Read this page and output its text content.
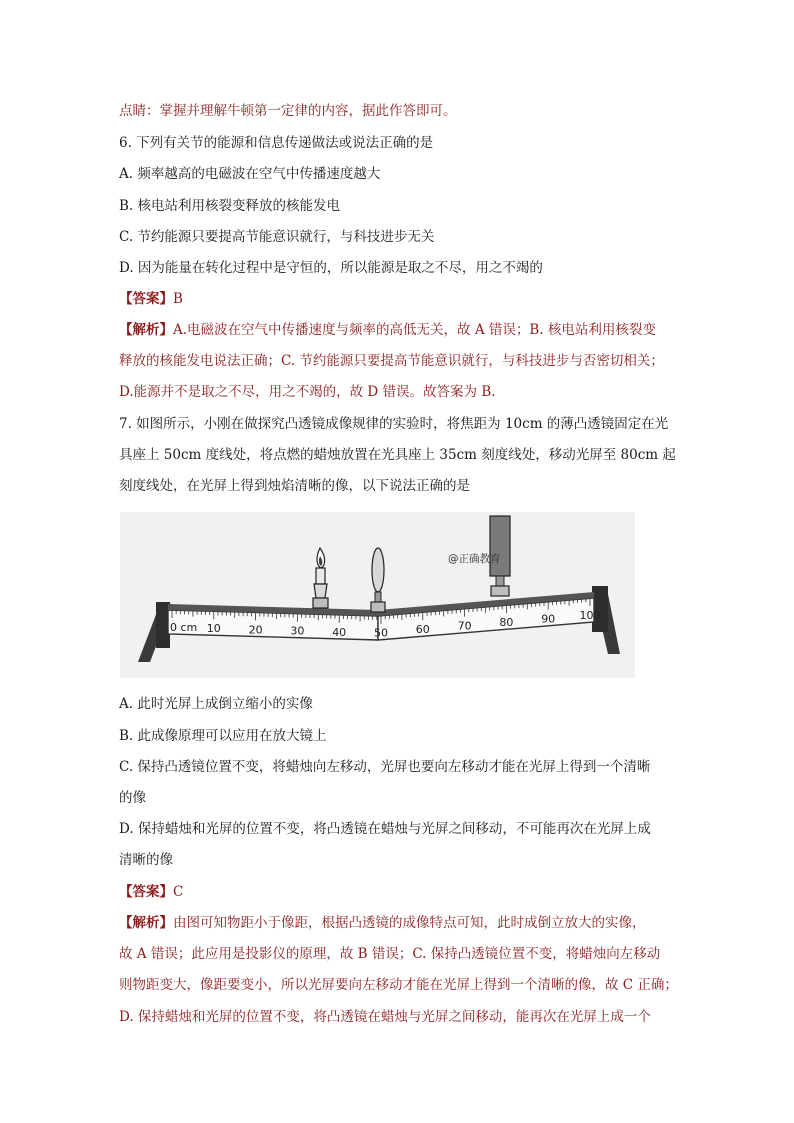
点睛：掌握并理解牛顿第一定律的内容，据此作答即可。
6. 下列有关节的能源和信息传递做法或说法正确的是
A. 频率越高的电磁波在空气中传播速度越大
B. 核电站利用核裂变释放的核能发电
C. 节约能源只要提高节能意识就行，与科技进步无关
D. 因为能量在转化过程中是守恒的，所以能源是取之不尽，用之不竭的
【答案】B
【解析】A.电磁波在空气中传播速度与频率的高低无关，故 A 错误；B. 核电站利用核裂变
释放的核能发电说法正确；C. 节约能源只要提高节能意识就行，与科技进步与否密切相关；
D.能源并不是取之不尽，用之不竭的，故 D 错误。故答案为 B.
7. 如图所示，小刚在做探究凸透镜成像规律的实验时，将焦距为 10cm 的薄凸透镜固定在光
具座上 50cm 度线处，将点燃的蜡烛放置在光具座上 35cm 刻度线处，移动光屏至 80cm 起
刻度线处，在光屏上得到烛焰清晰的像，以下说法正确的是
0 cm 10	20	30	40	50	60	70	80	90 100
@正确教育
A. 此时光屏上成倒立缩小的实像
B. 此成像原理可以应用在放大镜上
C. 保持凸透镜位置不变，将蜡烛向左移动，光屏也要向左移动才能在光屏上得到一个清晰
的像
D. 保持蜡烛和光屏的位置不变，将凸透镜在蜡烛与光屏之间移动，不可能再次在光屏上成
清晰的像
【答案】C
【解析】由图可知物距小于像距，根据凸透镜的成像特点可知，此时成倒立放大的实像，
故 A 错误；此应用是投影仪的原理，故 B 错误；C. 保持凸透镜位置不变，将蜡烛向左移动
则物距变大，像距要变小，所以光屏要向左移动才能在光屏上得到一个清晰的像，故 C 正确；
D. 保持蜡烛和光屏的位置不变，将凸透镜在蜡烛与光屏之间移动，能再次在光屏上成一个
